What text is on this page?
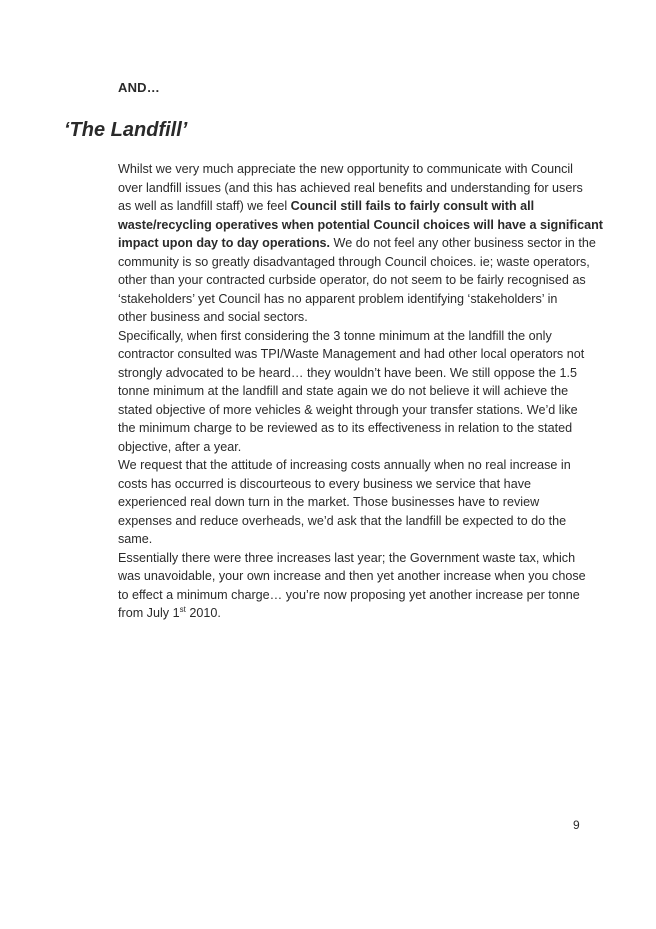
AND…
‘The Landfill’

Whilst we very much appreciate the new opportunity to communicate with Council
over landfill issues (and this has achieved real benefits and understanding for users
as well as landfill staff) we feel Council still fails to fairly consult with all
waste/recycling operatives when potential Council choices will have a significant
impact upon day to day operations. We do not feel any other business sector in the
community is so greatly disadvantaged through Council choices. ie; waste operators,
other than your contracted curbside operator, do not seem to be fairly recognised as
‘stakeholders’ yet Council has no apparent problem identifying ‘stakeholders’ in
other business and social sectors.

Specifically, when first considering the 3 tonne minimum at the landfill the only
contractor consulted was TPI/Waste Management and had other local operators not
strongly advocated to be heard… they wouldn’t have been. We still oppose the 1.5
tonne minimum at the landfill and state again we do not believe it will achieve the
stated objective of more vehicles & weight through your transfer stations. We’d like
the minimum charge to be reviewed as to its effectiveness in relation to the stated
objective, after a year.

We request that the attitude of increasing costs annually when no real increase in
costs has occurred is discourteous to every business we service that have
experienced real down turn in the market. Those businesses have to review
expenses and reduce overheads, we’d ask that the landfill be expected to do the
same.

Essentially there were three increases last year; the Government waste tax, which
was unavoidable, your own increase and then yet another increase when you chose
to effect a minimum charge… you’re now proposing yet another increase per tonne
from July 1st 2010.

9
